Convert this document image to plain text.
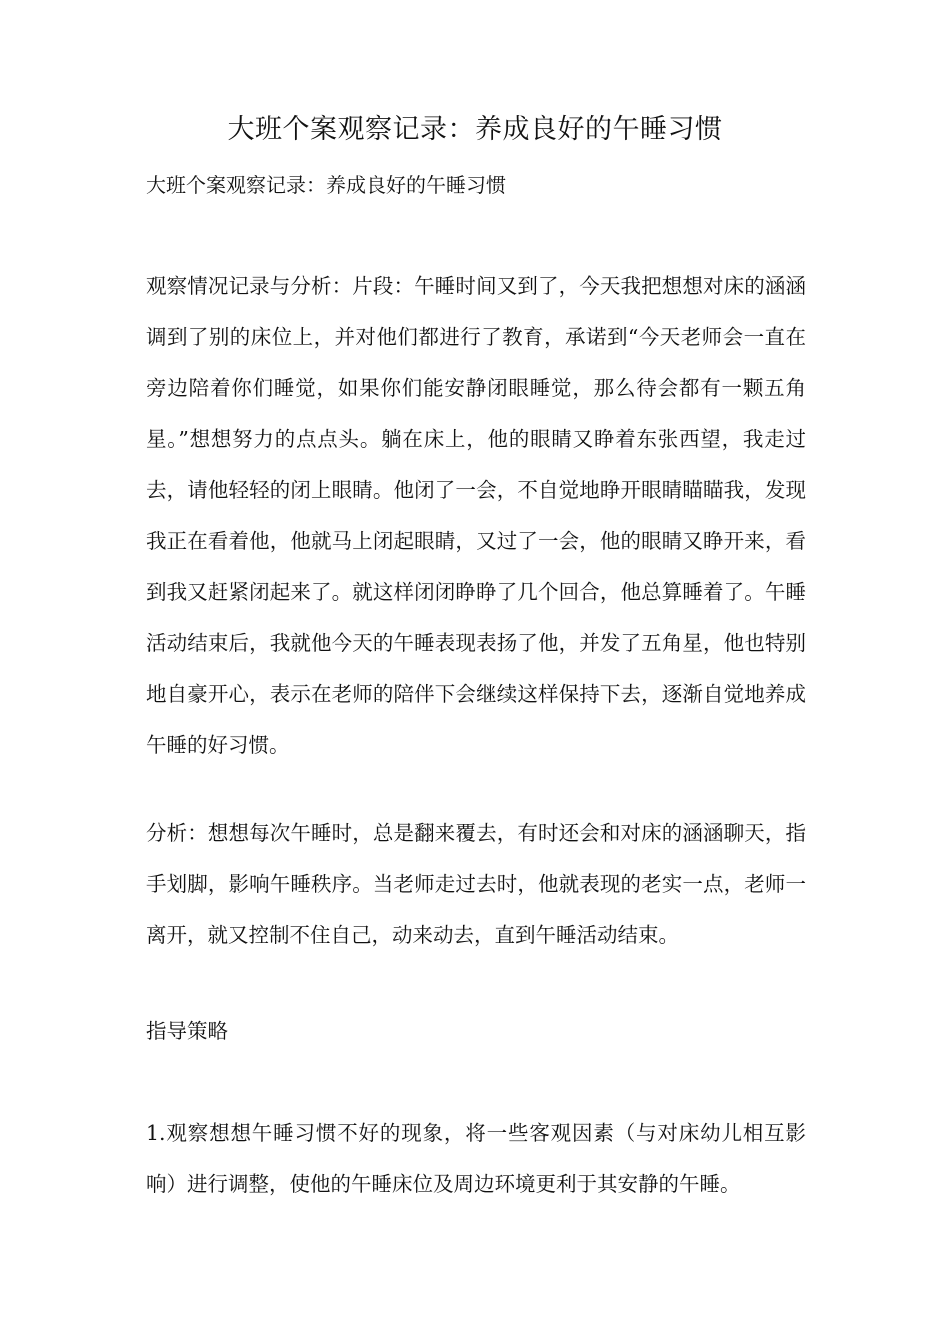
大班个案观察记录：养成良好的午睡习惯
大班个案观察记录：养成良好的午睡习惯

观察情况记录与分析：片段：午睡时间又到了，今天我把想想对床的涵涵调到了别的床位上，并对他们都进行了教育，承诺到“今天老师会一直在旁边陪着你们睡觉，如果你们能安静闭眼睡觉，那么待会都有一颗五角星。”想想努力的点点头。躺在床上，他的眼睛又睁着东张西望，我走过去，请他轻轻的闭上眼睛。他闭了一会，不自觉地睁开眼睛瞄瞄我，发现我正在看着他，他就马上闭起眼睛，又过了一会，他的眼睛又睁开来，看到我又赶紧闭起来了。就这样闭闭睁睁了几个回合，他总算睡着了。午睡活动结束后，我就他今天的午睡表现表扬了他，并发了五角星，他也特别地自豪开心，表示在老师的陪伴下会继续这样保持下去，逐渐自觉地养成午睡的好习惯。

分析：想想每次午睡时，总是翻来覆去，有时还会和对床的涵涵聊天，指手划脚，影响午睡秩序。当老师走过去时，他就表现的老实一点，老师一离开，就又控制不住自己，动来动去，直到午睡活动结束。

指导策略

1.观察想想午睡习惯不好的现象，将一些客观因素（与对床幼儿相互影响）进行调整，使他的午睡床位及周边环境更利于其安静的午睡。
